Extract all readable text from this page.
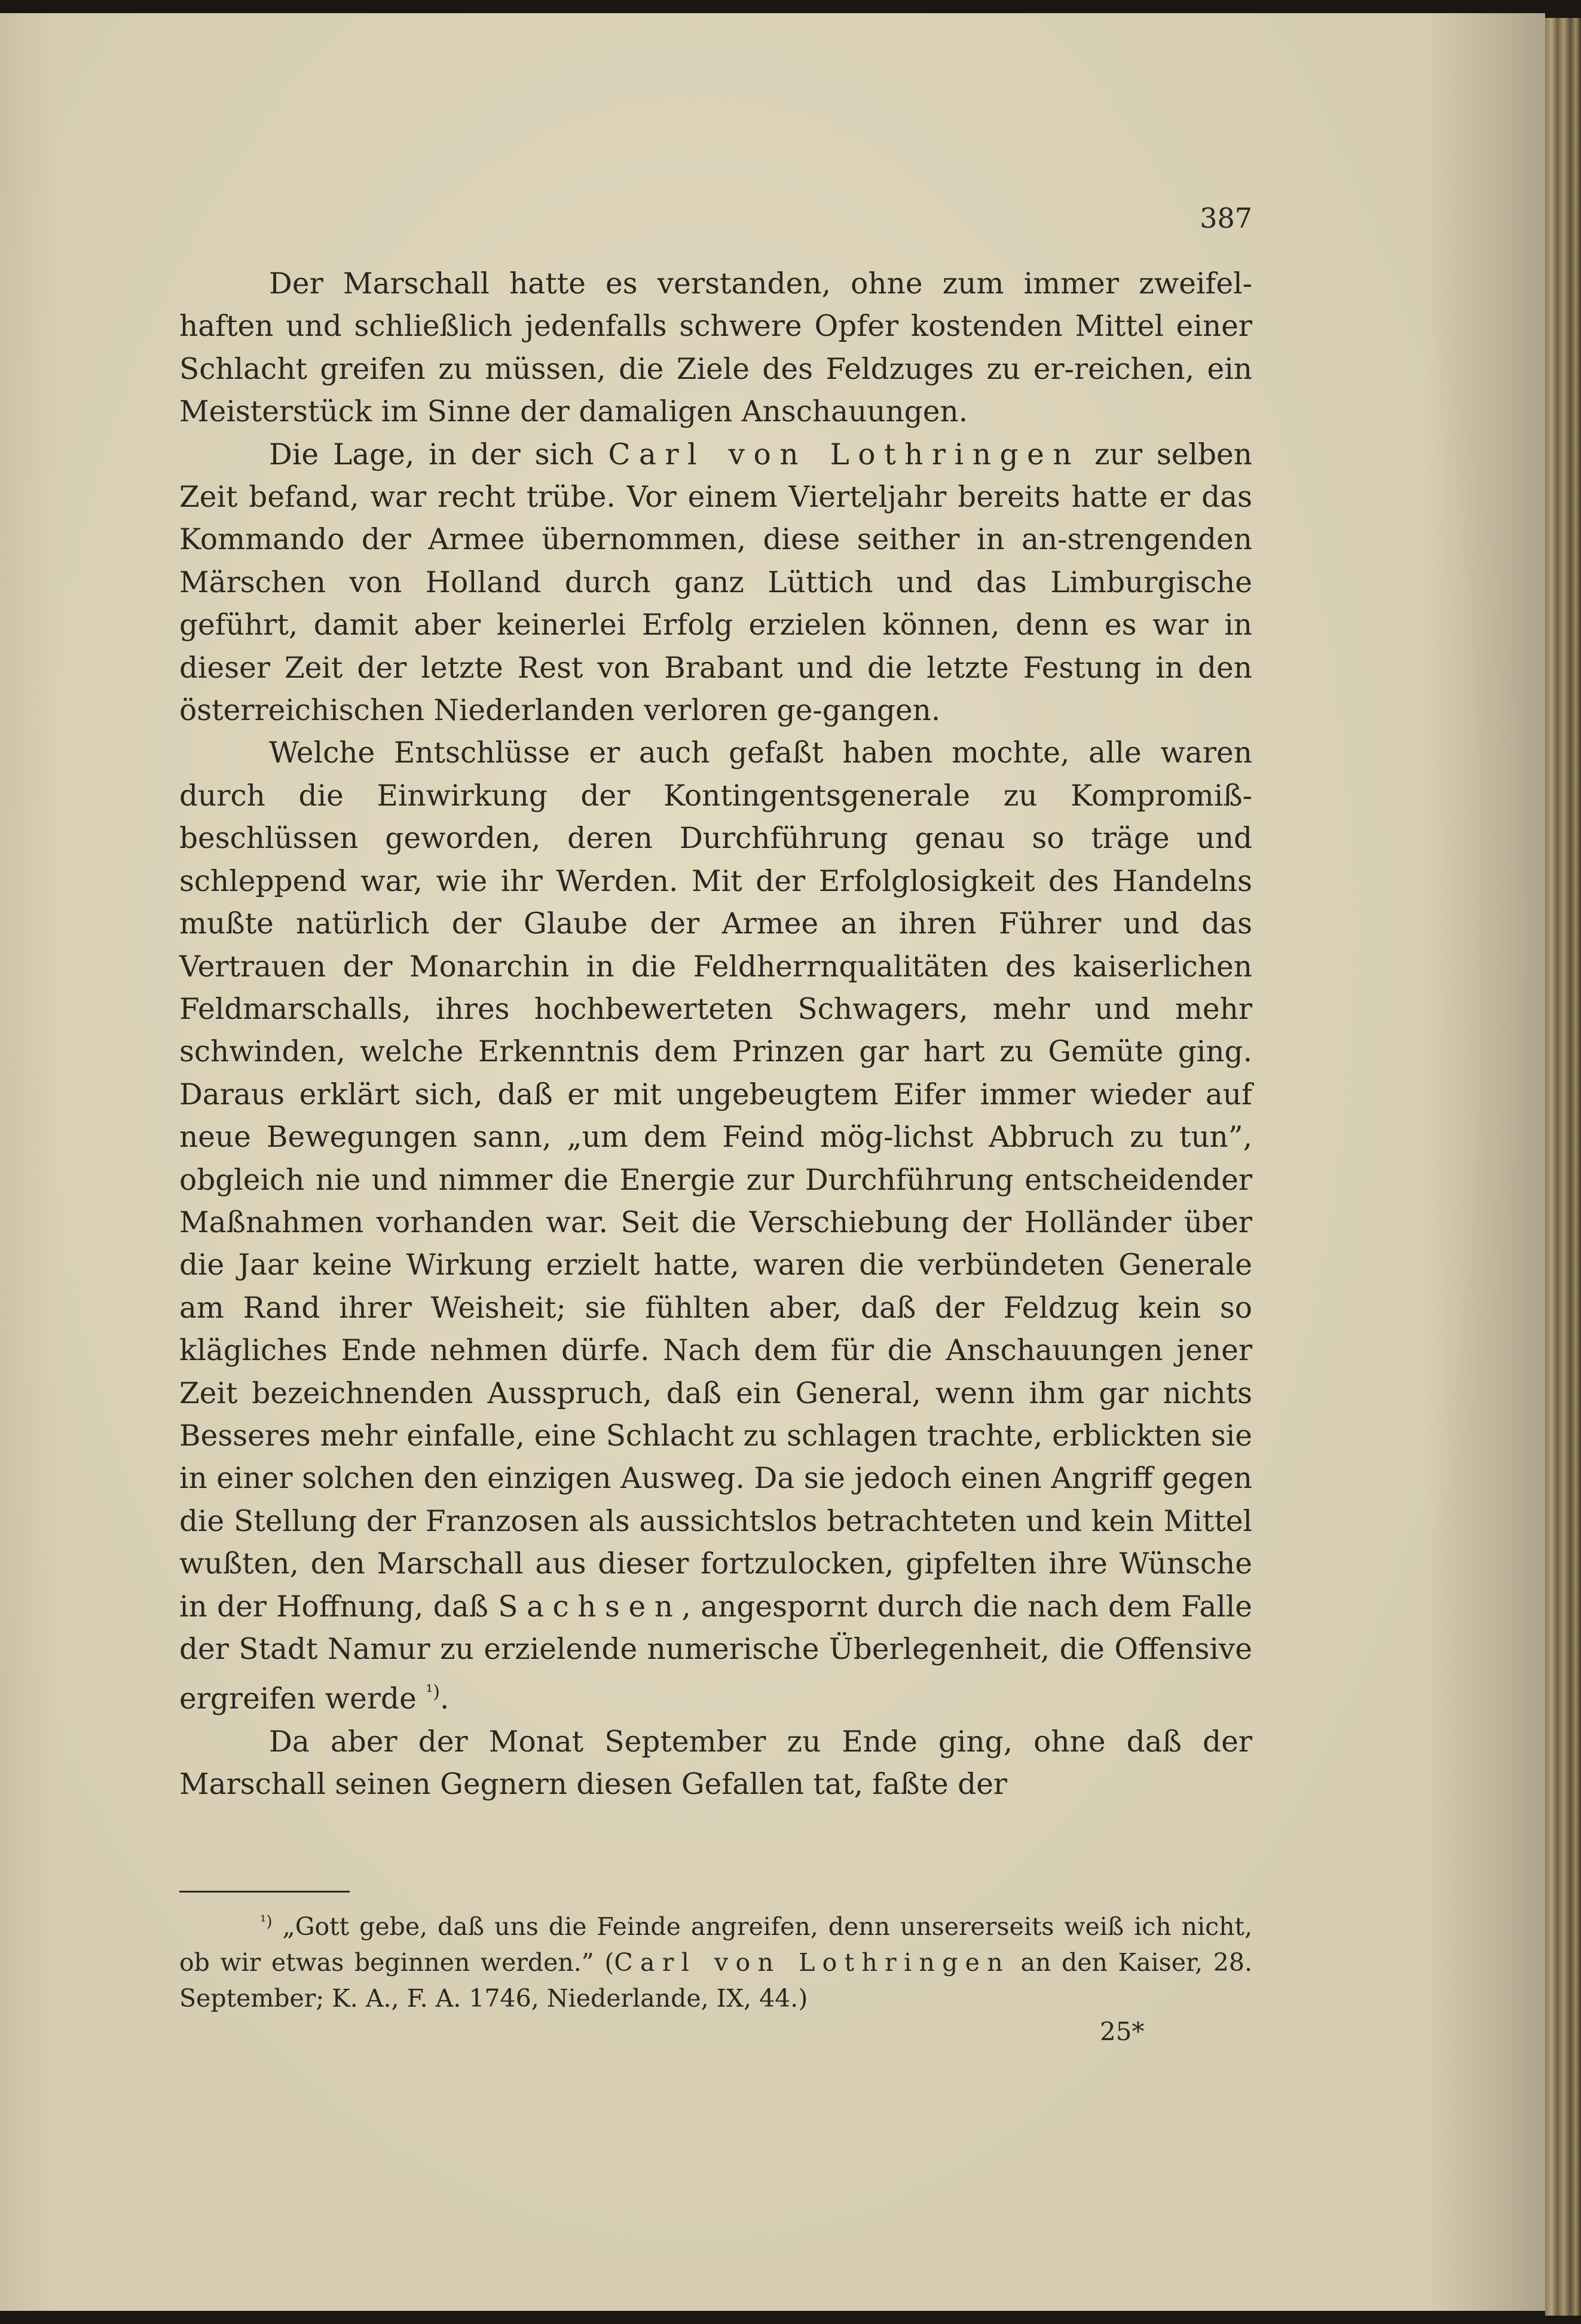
387

Der Marschall hatte es verstanden, ohne zum immer zweifel-haften und schließlich jedenfalls schwere Opfer kostenden Mittel einer Schlacht greifen zu müssen, die Ziele des Feldzuges zu er-reichen, ein Meisterstück im Sinne der damaligen Anschauungen.

Die Lage, in der sich Carl von Lothringen zur selben Zeit befand, war recht trübe. Vor einem Vierteljahr bereits hatte er das Kommando der Armee übernommen, diese seither in an-strengenden Märschen von Holland durch ganz Lüttich und das Limburgische geführt, damit aber keinerlei Erfolg erzielen können, denn es war in dieser Zeit der letzte Rest von Brabant und die letzte Festung in den österreichischen Niederlanden verloren ge-gangen.

Welche Entschlüsse er auch gefaßt haben mochte, alle waren durch die Einwirkung der Kontingentsgenerale zu Kompromiß-beschlüssen geworden, deren Durchführung genau so träge und schleppend war, wie ihr Werden. Mit der Erfolglosigkeit des Handelns mußte natürlich der Glaube der Armee an ihren Führer und das Vertrauen der Monarchin in die Feldherrnqualitäten des kaiserlichen Feldmarschalls, ihres hochbewerteten Schwagers, mehr und mehr schwinden, welche Erkenntnis dem Prinzen gar hart zu Gemüte ging. Daraus erklärt sich, daß er mit ungebeugtem Eifer immer wieder auf neue Bewegungen sann, „um dem Feind mög-lichst Abbruch zu tun”, obgleich nie und nimmer die Energie zur Durchführung entscheidender Maßnahmen vorhanden war. Seit die Verschiebung der Holländer über die Jaar keine Wirkung erzielt hatte, waren die verbündeten Generale am Rand ihrer Weisheit; sie fühlten aber, daß der Feldzug kein so klägliches Ende nehmen dürfe. Nach dem für die Anschauungen jener Zeit bezeichnenden Ausspruch, daß ein General, wenn ihm gar nichts Besseres mehr einfalle, eine Schlacht zu schlagen trachte, erblickten sie in einer solchen den einzigen Ausweg. Da sie jedoch einen Angriff gegen die Stellung der Franzosen als aussichtslos betrachteten und kein Mittel wußten, den Marschall aus dieser fortzulocken, gipfelten ihre Wünsche in der Hoffnung, daß Sachsen, angespornt durch die nach dem Falle der Stadt Namur zu erzielende numerische Überlegenheit, die Offensive ergreifen werde $^{^1)}$.

Da aber der Monat September zu Ende ging, ohne daß der Marschall seinen Gegnern diesen Gefallen tat, faßte der

$^{^1)}$ „Gott gebe, daß uns die Feinde angreifen, denn unsererseits weiß ich nicht, ob wir etwas beginnen werden.” (Carl von Lothringen an den Kaiser, 28. September; K. A., F. A. 1746, Niederlande, IX, 44.)

25*
